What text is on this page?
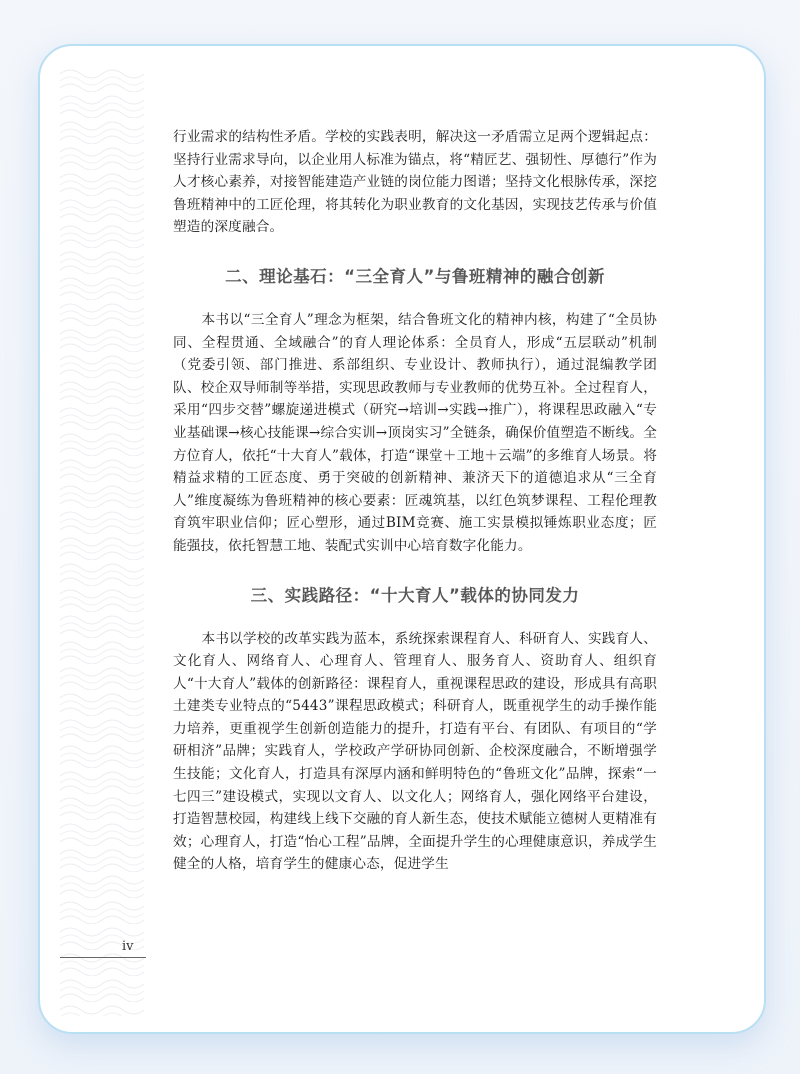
行业需求的结构性矛盾。学校的实践表明，解决这一矛盾需立足两个逻辑起点：坚持行业需求导向，以企业用人标准为锚点，将“精匠艺、强韧性、厚德行”作为人才核心素养，对接智能建造产业链的岗位能力图谱；坚持文化根脉传承，深挖鲁班精神中的工匠伦理，将其转化为职业教育的文化基因，实现技艺传承与价值塑造的深度融合。

二、理论基石：“三全育人”与鲁班精神的融合创新

本书以“三全育人”理念为框架，结合鲁班文化的精神内核，构建了“全员协同、全程贯通、全域融合”的育人理论体系：全员育人，形成“五层联动”机制（党委引领、部门推进、系部组织、专业设计、教师执行），通过混编教学团队、校企双导师制等举措，实现思政教师与专业教师的优势互补。全过程育人，采用“四步交替”螺旋递进模式（研究→培训→实践→推广），将课程思政融入“专业基础课→核心技能课→综合实训→顶岗实习”全链条，确保价值塑造不断线。全方位育人，依托“十大育人”载体，打造“课堂＋工地＋云端”的多维育人场景。将精益求精的工匠态度、勇于突破的创新精神、兼济天下的道德追求从“三全育人”维度凝练为鲁班精神的核心要素：匠魂筑基，以红色筑梦课程、工程伦理教育筑牢职业信仰；匠心塑形，通过BIM竞赛、施工实景模拟锤炼职业态度；匠能强技，依托智慧工地、装配式实训中心培育数字化能力。

三、实践路径：“十大育人”载体的协同发力

本书以学校的改革实践为蓝本，系统探索课程育人、科研育人、实践育人、文化育人、网络育人、心理育人、管理育人、服务育人、资助育人、组织育人“十大育人”载体的创新路径：课程育人，重视课程思政的建设，形成具有高职土建类专业特点的“5443”课程思政模式；科研育人，既重视学生的动手操作能力培养，更重视学生创新创造能力的提升，打造有平台、有团队、有项目的“学研相济”品牌；实践育人，学校政产学研协同创新、企校深度融合，不断增强学生技能；文化育人，打造具有深厚内涵和鲜明特色的“鲁班文化”品牌，探索“一七四三”建设模式，实现以文育人、以文化人；网络育人，强化网络平台建设，打造智慧校园，构建线上线下交融的育人新生态，使技术赋能立德树人更精准有效；心理育人，打造“怡心工程”品牌，全面提升学生的心理健康意识，养成学生健全的人格，培育学生的健康心态，促进学生

iv
